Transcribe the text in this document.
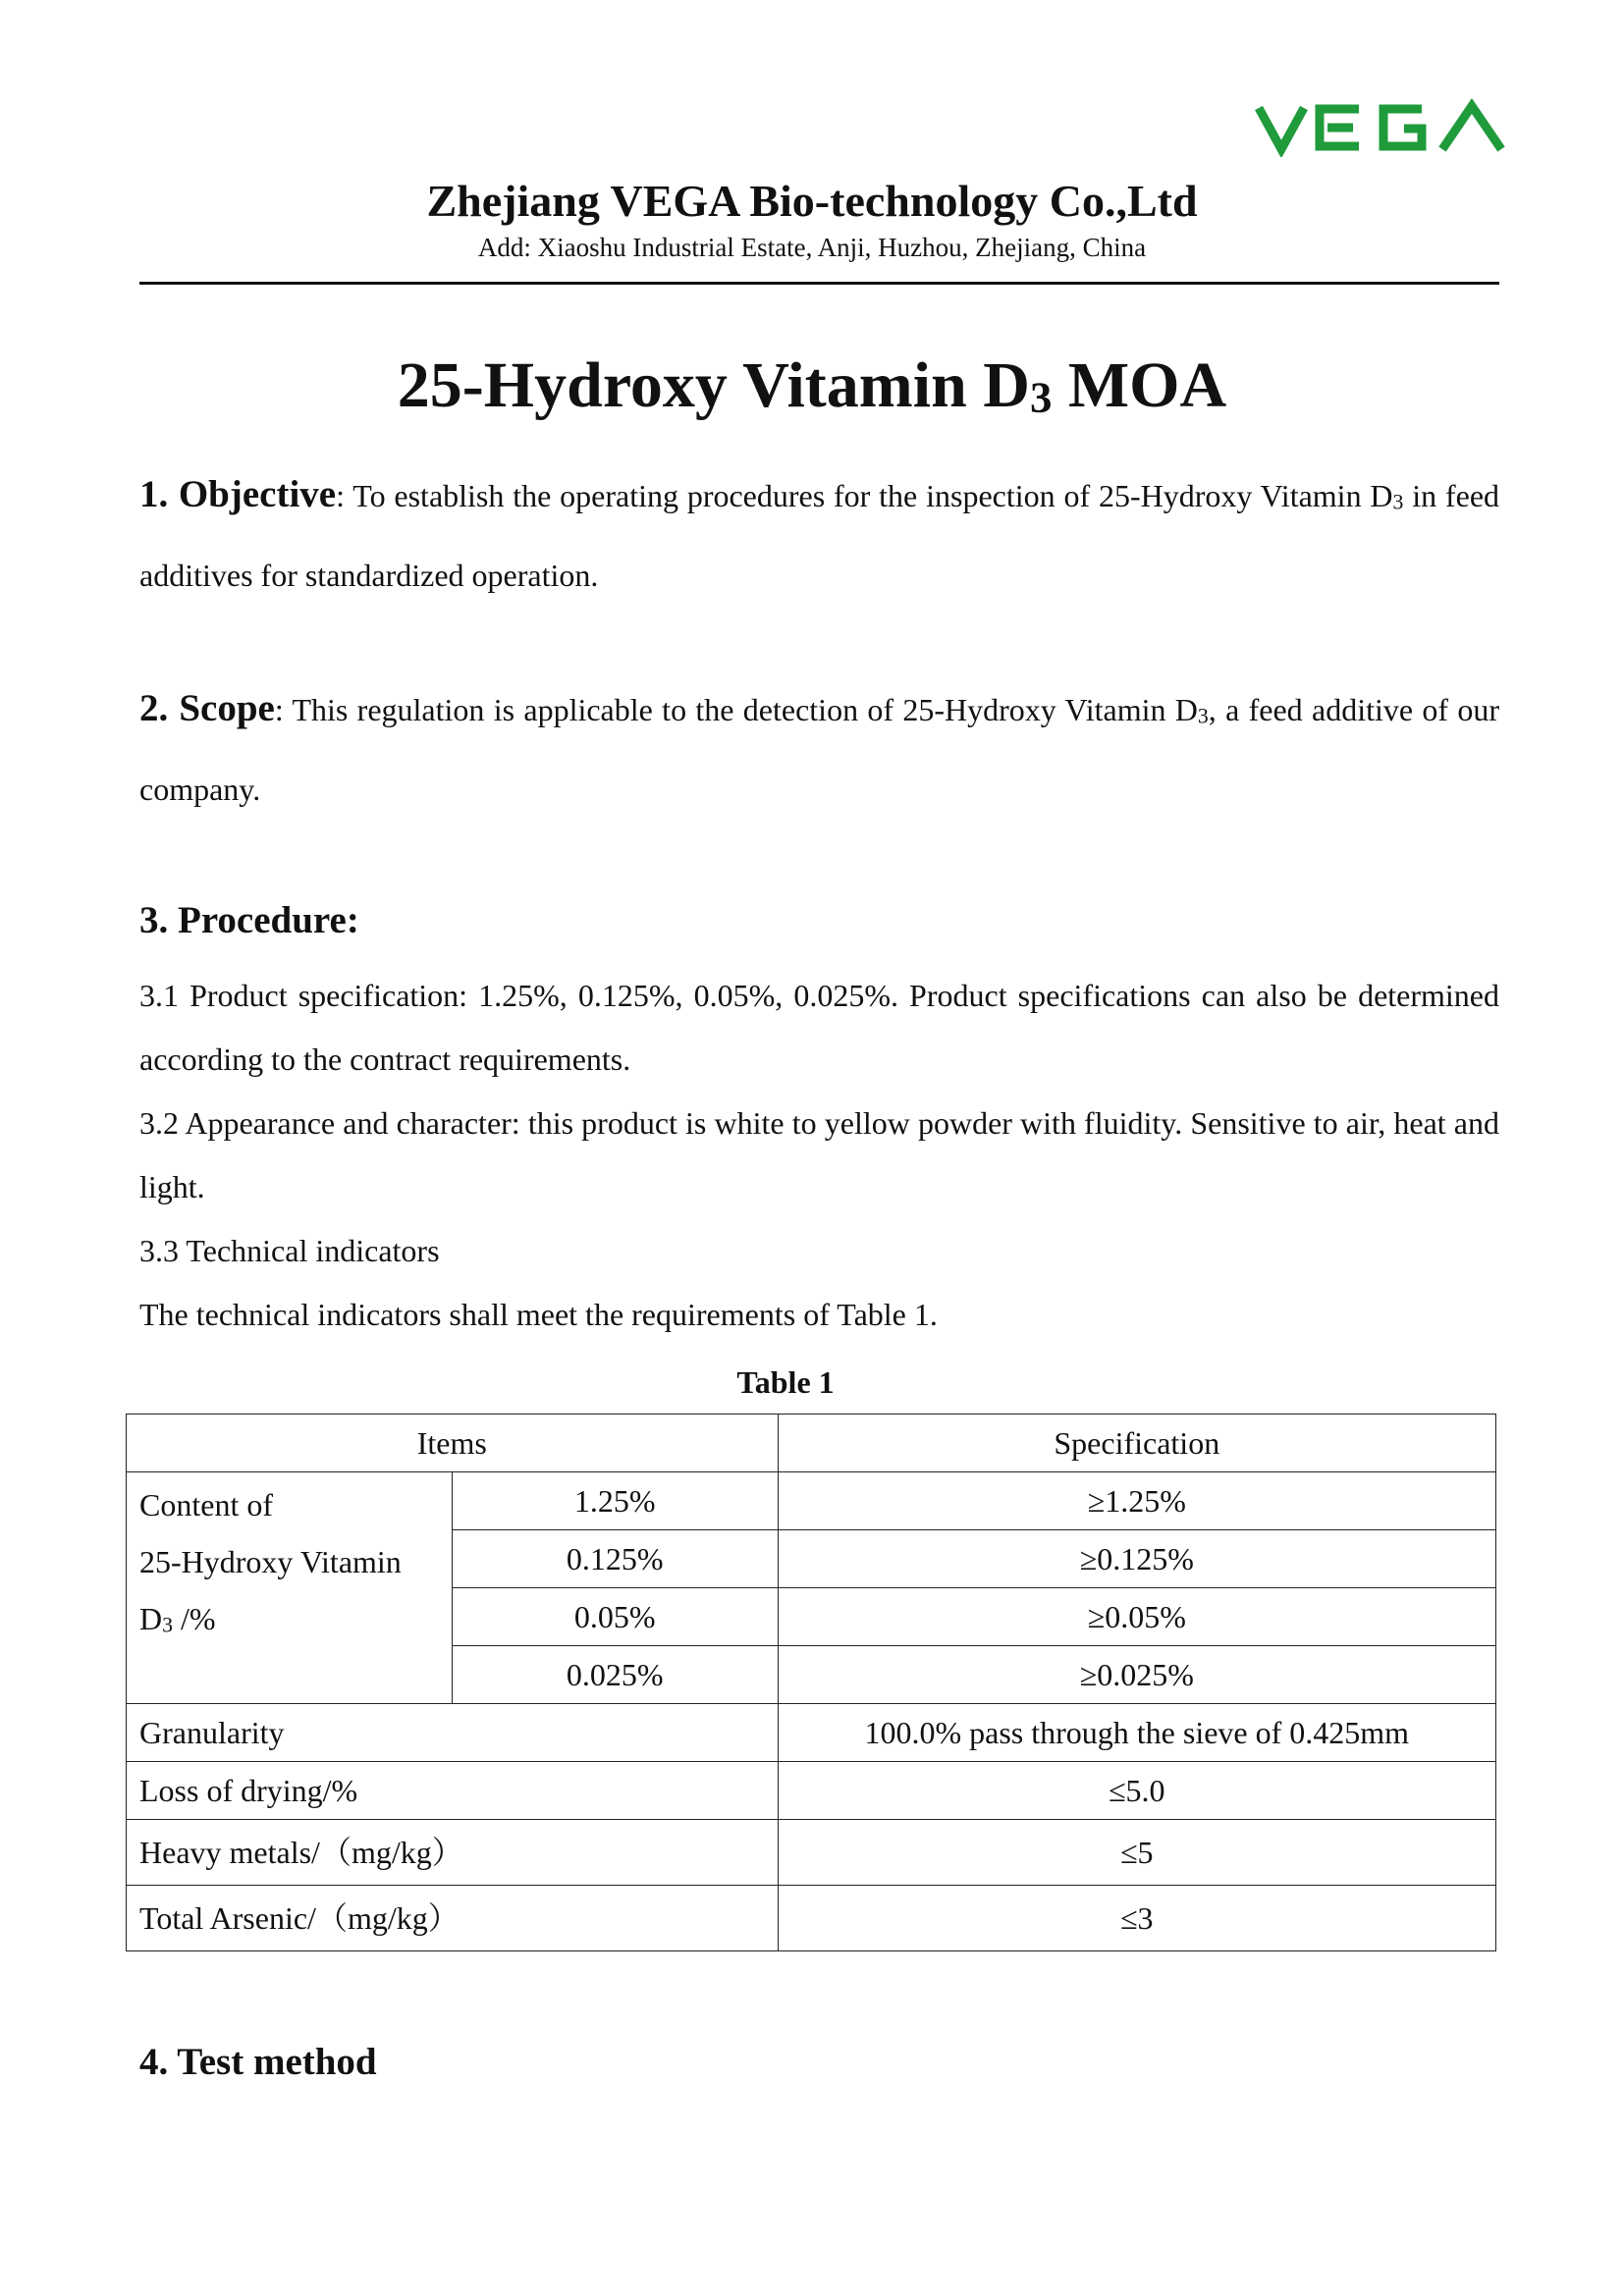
Zhejiang VEGA Bio-technology Co.,Ltd
Add: Xiaoshu Industrial Estate, Anji, Huzhou, Zhejiang, China
25-Hydroxy Vitamin D3 MOA

1. Objective: To establish the operating procedures for the inspection of 25-Hydroxy Vitamin D3 in feed additives for standardized operation.

2. Scope: This regulation is applicable to the detection of 25-Hydroxy Vitamin D3, a feed additive of our company.

3. Procedure:

3.1 Product specification: 1.25%, 0.125%, 0.05%, 0.025%. Product specifications can also be determined according to the contract requirements.

3.2 Appearance and character: this product is white to yellow powder with fluidity. Sensitive to air, heat and light.

3.3 Technical indicators

The technical indicators shall meet the requirements of Table 1.

Table 1
Items		Specification
Content of
25-Hydroxy Vitamin
D3 /%	1.25%	≥1.25%
	0.125%	≥0.125%
	0.05%	≥0.05%
	0.025%	≥0.025%
Granularity		100.0% pass through the sieve of 0.425mm
Loss of drying/%		≤5.0
Heavy metals/（mg/kg）		≤5
Total Arsenic/（mg/kg）		≤3
4. Test method
